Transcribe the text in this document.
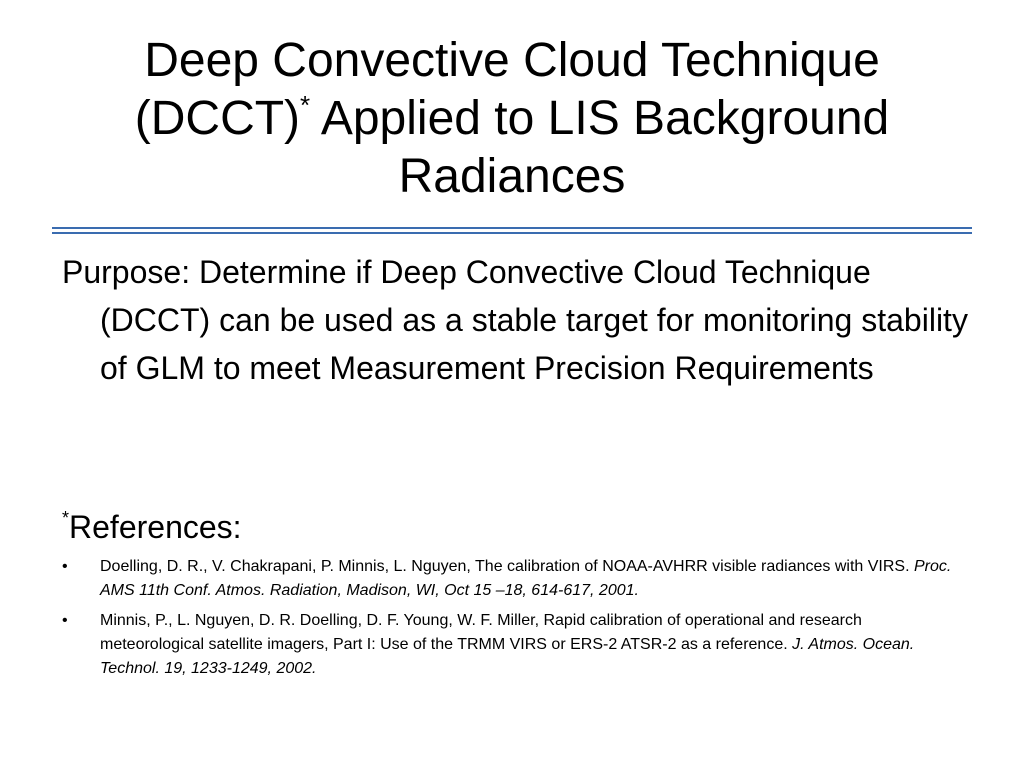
Deep Convective Cloud Technique
(DCCT)* Applied to LIS Background
Radiances
Purpose: Determine if Deep Convective Cloud Technique (DCCT) can be used as a stable target for monitoring stability of GLM to meet Measurement Precision Requirements
*References:
•	Doelling, D. R., V. Chakrapani, P. Minnis, L. Nguyen, The calibration of NOAA-AVHRR visible radiances with VIRS. Proc. AMS 11th Conf. Atmos. Radiation, Madison, WI, Oct 15 –18, 614-617, 2001.
•	Minnis, P., L. Nguyen, D. R. Doelling, D. F. Young, W. F. Miller, Rapid calibration of operational and research meteorological satellite imagers, Part I: Use of the TRMM VIRS or ERS-2 ATSR-2 as a reference. J. Atmos. Ocean. Technol. 19, 1233-1249, 2002.
